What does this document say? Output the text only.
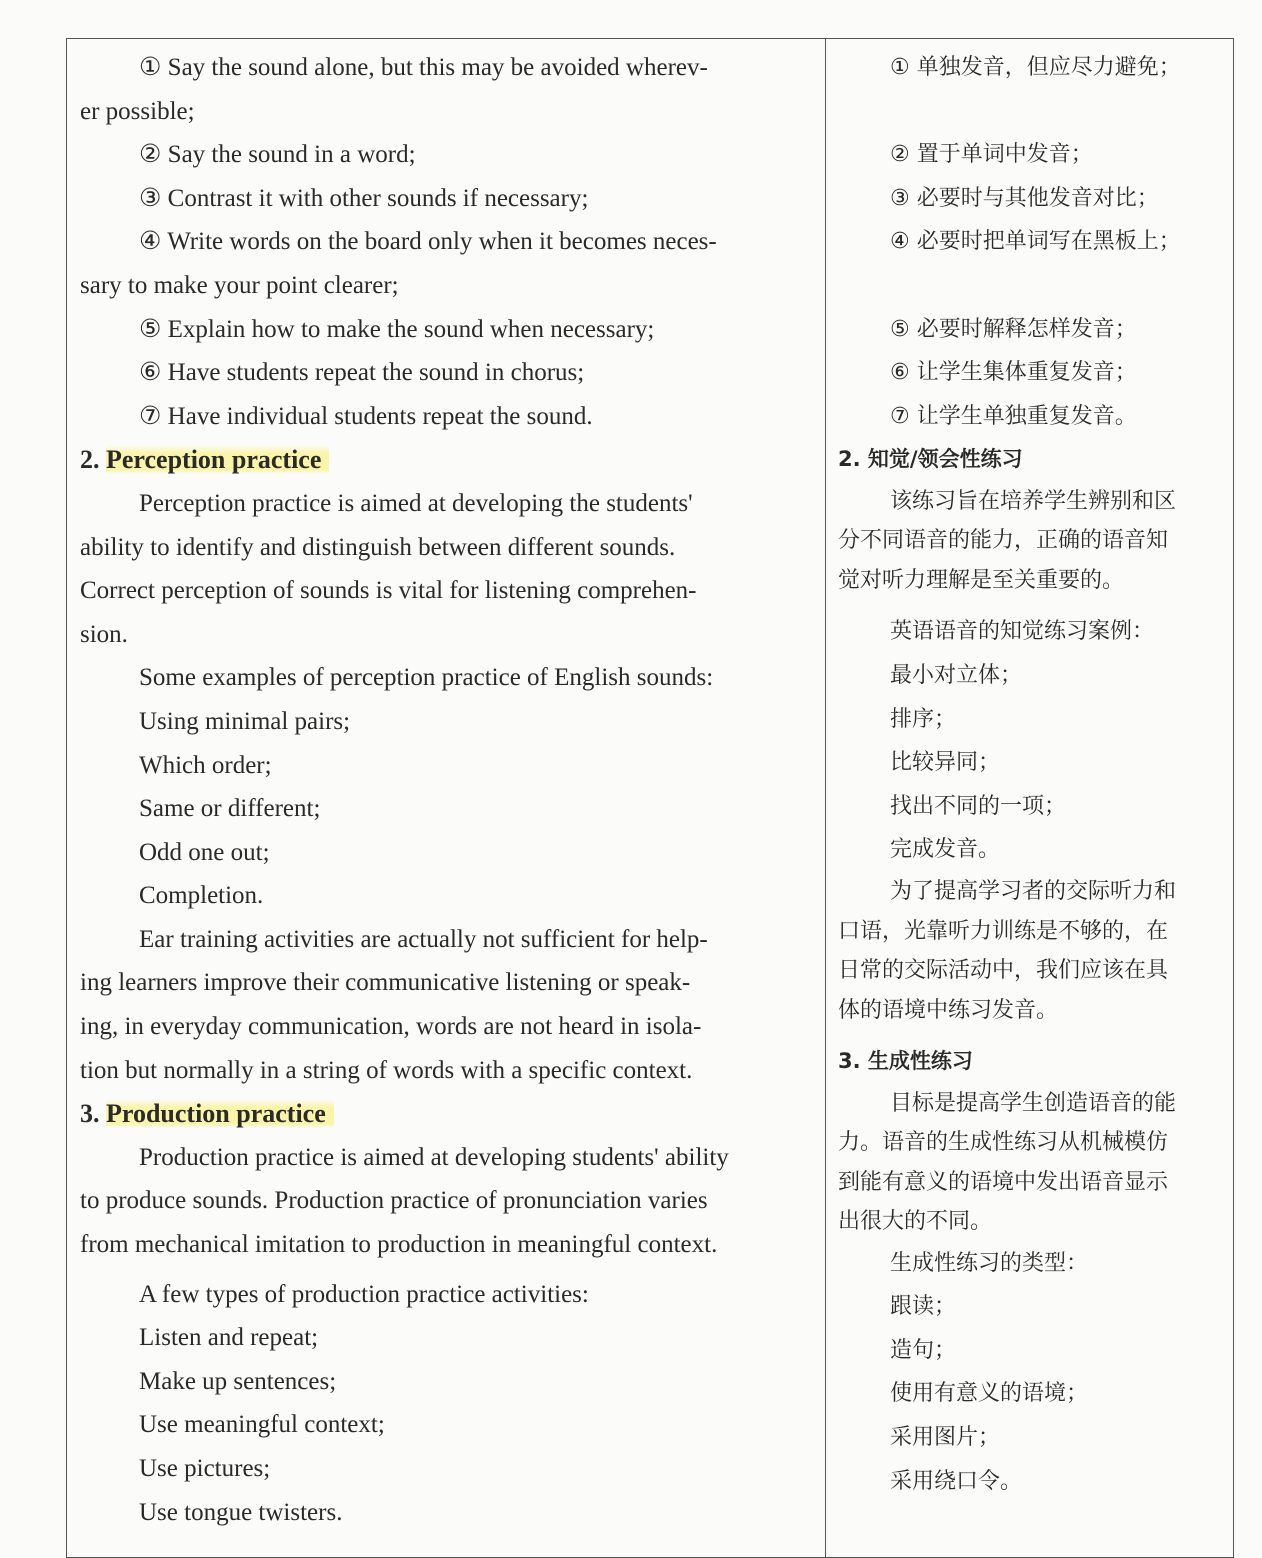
① Say the sound alone, but this may be avoided wherev-

er possible;

② Say the sound in a word;

③ Contrast it with other sounds if necessary;

④ Write words on the board only when it becomes neces-

sary to make your point clearer;

⑤ Explain how to make the sound when necessary;

⑥ Have students repeat the sound in chorus;

⑦ Have individual students repeat the sound.

2. Perception practice

Perception practice is aimed at developing the students'

ability to identify and distinguish between different sounds.

Correct perception of sounds is vital for listening comprehen-

sion.

Some examples of perception practice of English sounds:

Using minimal pairs;

Which order;

Same or different;

Odd one out;

Completion.

Ear training activities are actually not sufficient for help-

ing learners improve their communicative listening or speak-

ing, in everyday communication, words are not heard in isola-

tion but normally in a string of words with a specific context.

3. Production practice

Production practice is aimed at developing students' ability

to produce sounds. Production practice of pronunciation varies

from mechanical imitation to production in meaningful context.

A few types of production practice activities:

Listen and repeat;

Make up sentences;

Use meaningful context;

Use pictures;

Use tongue twisters.

① 单独发音，但应尽力避免；

② 置于单词中发音；

③ 必要时与其他发音对比；

④ 必要时把单词写在黑板上；

⑤ 必要时解释怎样发音；

⑥ 让学生集体重复发音；

⑦ 让学生单独重复发音。

2. 知觉/领会性练习

该练习旨在培养学生辨别和区

分不同语音的能力，正确的语音知

觉对听力理解是至关重要的。

英语语音的知觉练习案例：

最小对立体；

排序；

比较异同；

找出不同的一项；

完成发音。

为了提高学习者的交际听力和

口语，光靠听力训练是不够的，在

日常的交际活动中，我们应该在具

体的语境中练习发音。

3. 生成性练习

目标是提高学生创造语音的能

力。语音的生成性练习从机械模仿

到能有意义的语境中发出语音显示

出很大的不同。

生成性练习的类型：

跟读；

造句；

使用有意义的语境；

采用图片；

采用绕口令。
